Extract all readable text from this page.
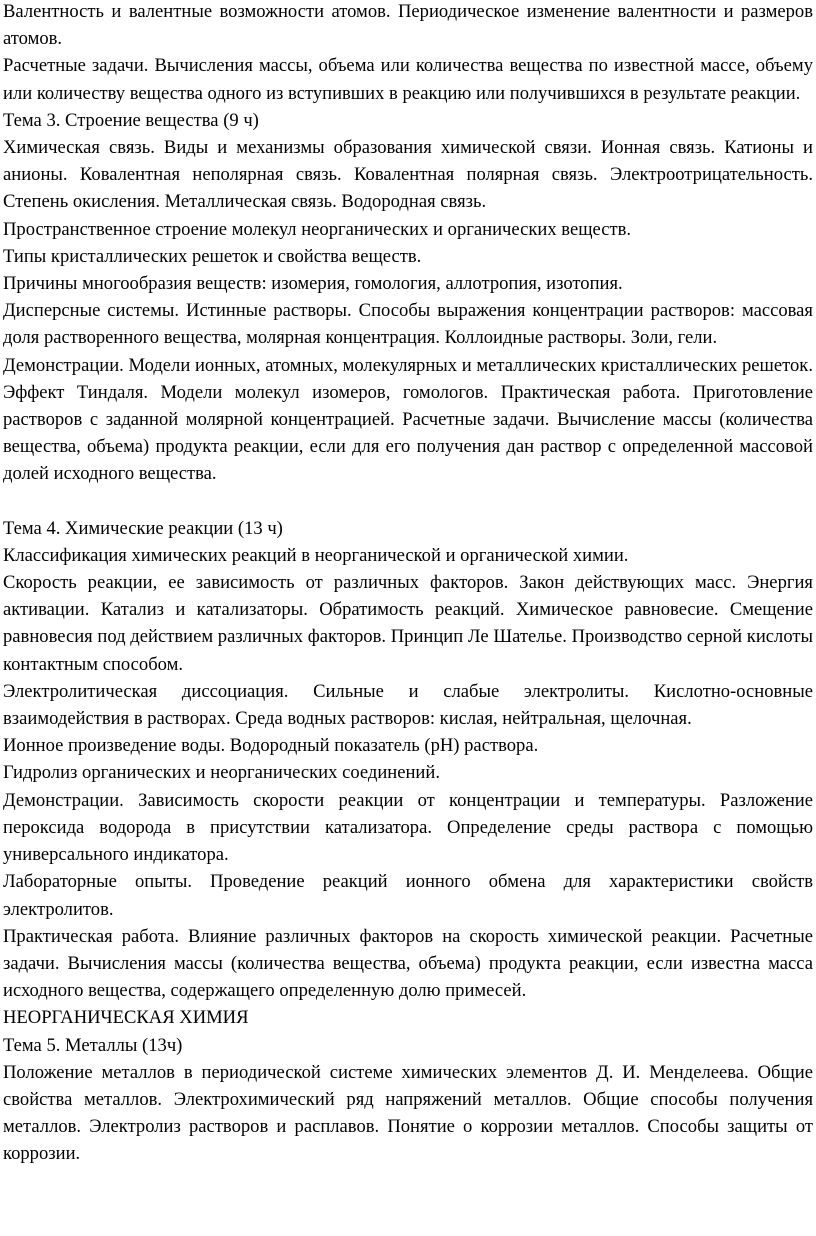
Валентность и валентные возможности атомов. Периодическое изменение валентности и размеров атомов.

Расчетные задачи. Вычисления массы, объема или количества вещества по известной массе, объему или количеству вещества одного из вступивших в реакцию или получившихся в результате реакции.

Тема 3. Строение вещества (9 ч)

Химическая связь. Виды и механизмы образования химической связи. Ионная связь. Катионы и анионы. Ковалентная неполярная связь. Ковалентная полярная связь. Электроотрицательность. Степень окисления. Металлическая связь. Водородная связь.

Пространственное строение молекул неорганических и органических веществ.

Типы кристаллических решеток и свойства веществ.

Причины многообразия веществ: изомерия, гомология, аллотропия, изотопия.

Дисперсные системы. Истинные растворы. Способы выражения концентрации растворов: массовая доля растворенного вещества, молярная концентрация. Коллоидные растворы. Золи, гели.

Демонстрации. Модели ионных, атомных, молекулярных и металлических кристаллических решеток. Эффект Тиндаля. Модели молекул изомеров, гомологов. Практическая работа. Приготовление растворов с заданной молярной концентрацией. Расчетные задачи. Вычисление массы (количества вещества, объема) продукта реакции, если для его получения дан раствор с определенной массовой долей исходного вещества.

Тема 4. Химические реакции (13 ч)

Классификация химических реакций в неорганической и органической химии.

Скорость реакции, ее зависимость от различных факторов. Закон действующих масс. Энергия активации. Катализ и катализаторы. Обратимость реакций. Химическое равновесие. Смещение равновесия под действием различных факторов. Принцип Ле Шателье. Производство серной кислоты контактным способом.

Электролитическая диссоциация. Сильные и слабые электролиты. Кислотно-основные взаимодействия в растворах. Среда водных растворов: кислая, нейтральная, щелочная.

Ионное произведение воды. Водородный показатель (pH) раствора.

Гидролиз органических и неорганических соединений.

Демонстрации. Зависимость скорости реакции от концентрации и температуры. Разложение пероксида водорода в присутствии катализатора. Определение среды раствора с помощью универсального индикатора.

Лабораторные опыты. Проведение реакций ионного обмена для характеристики свойств электролитов.

Практическая работа. Влияние различных факторов на скорость химической реакции. Расчетные задачи. Вычисления массы (количества вещества, объема) продукта реакции, если известна масса исходного вещества, содержащего определенную долю примесей.

НЕОРГАНИЧЕСКАЯ ХИМИЯ

Тема 5. Металлы (13ч)

Положение металлов в периодической системе химических элементов Д. И. Менделеева. Общие свойства металлов. Электрохимический ряд напряжений металлов. Общие способы получения металлов. Электролиз растворов и расплавов. Понятие о коррозии металлов. Способы защиты от коррозии.
